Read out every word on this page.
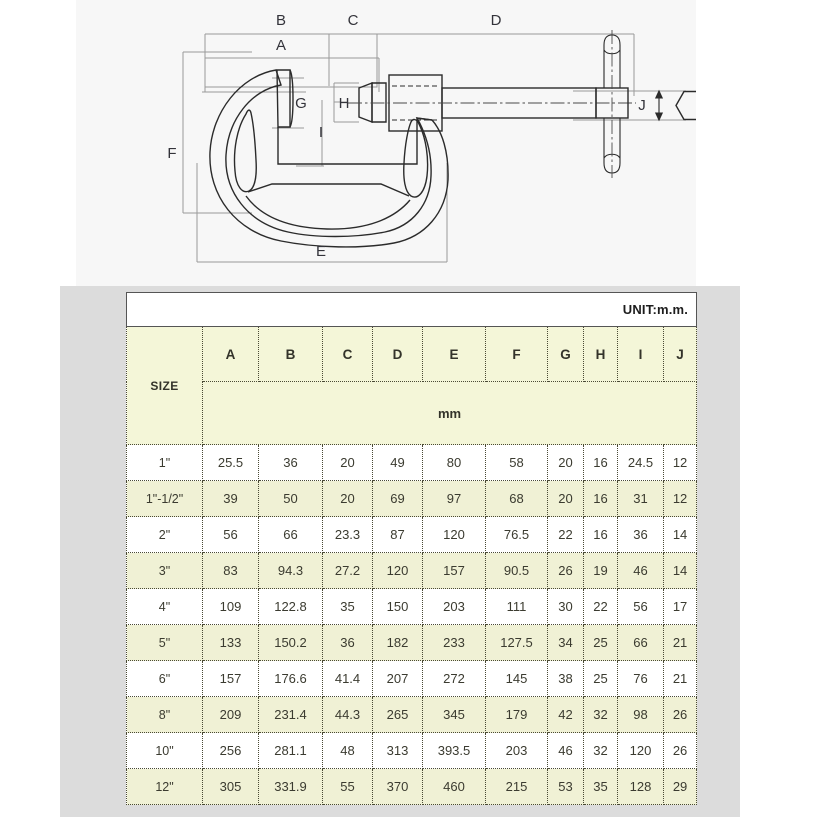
B	C	D
A
G H
I
F
E
J
UNIT:m.m.										
SIZE	A	B	C	D	E	F	G	H	I	J
	mm									
1"	25.5	36	20	49	80	58	20	16	24.5	12
1"-1/2"	39	50	20	69	97	68	20	16	31	12
2"	56	66	23.3	87	120	76.5	22	16	36	14
3"	83	94.3	27.2	120	157	90.5	26	19	46	14
4"	109	122.8	35	150	203	111	30	22	56	17
5"	133	150.2	36	182	233	127.5	34	25	66	21
6"	157	176.6	41.4	207	272	145	38	25	76	21
8"	209	231.4	44.3	265	345	179	42	32	98	26
10"	256	281.1	48	313	393.5	203	46	32	120	26
12"	305	331.9	55	370	460	215	53	35	128	29
